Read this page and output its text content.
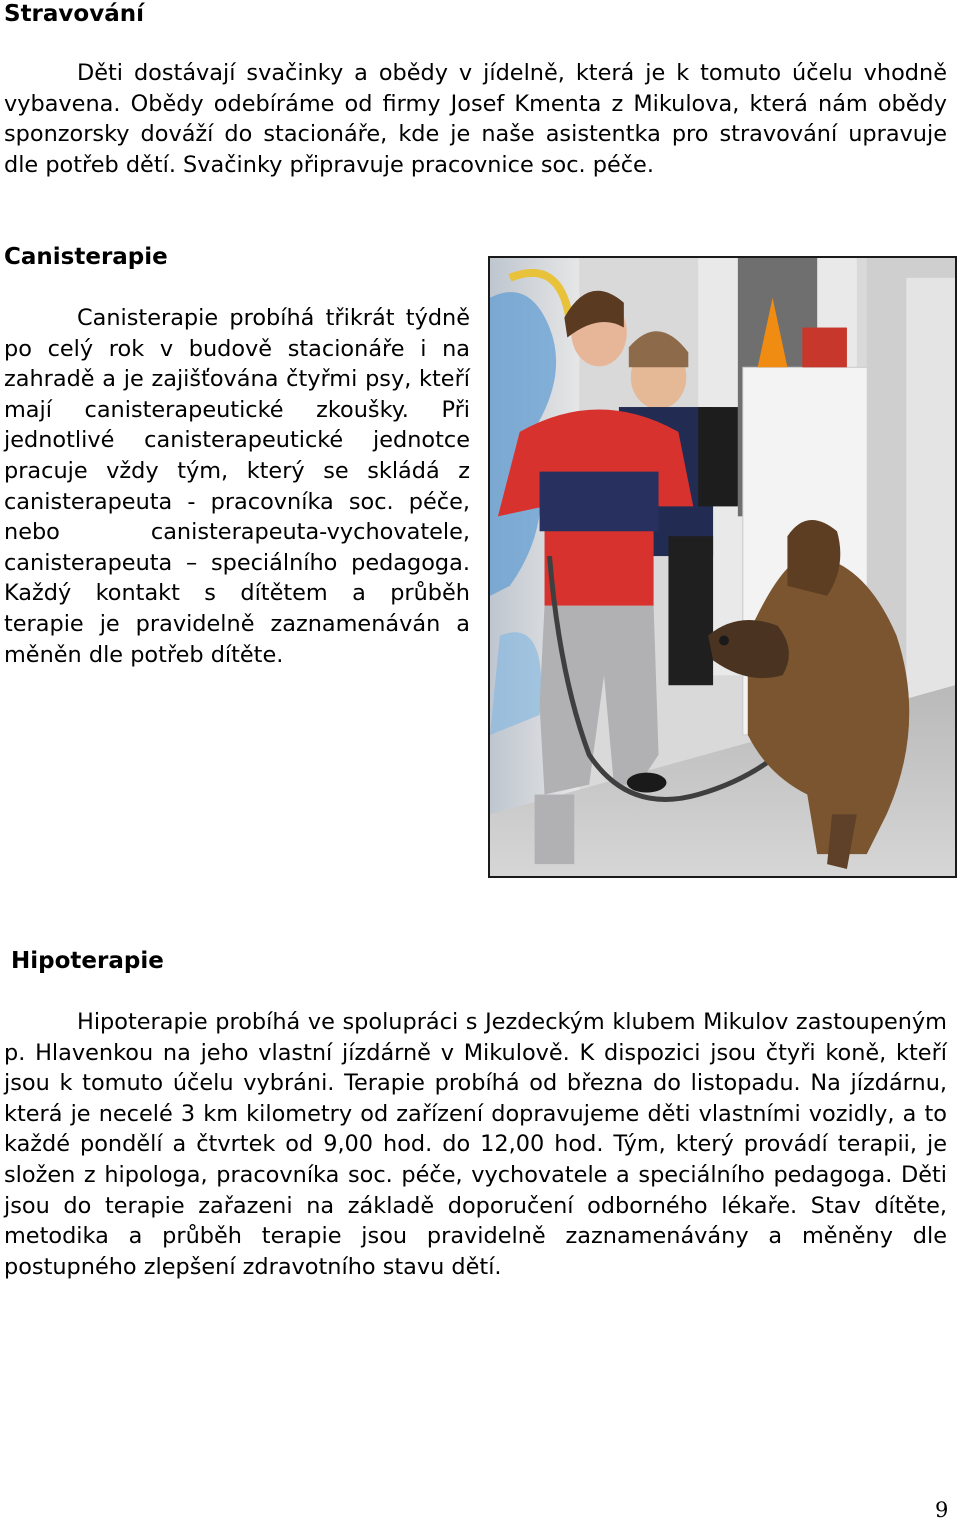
Stravování

Děti dostávají svačinky a obědy v jídelně, která je k tomuto účelu vhodně vybavena. Obědy odebíráme od firmy Josef Kmenta z Mikulova, která nám obědy sponzorsky dováží do stacionáře, kde je naše asistentka pro stravování upravuje dle potřeb dětí. Svačinky připravuje pracovnice soc. péče.

Canisterapie

Canisterapie probíhá třikrát týdně po celý rok v budově stacionáře i na zahradě a je zajišťována čtyřmi psy, kteří mají canisterapeutické zkoušky. Při jednotlivé canisterapeutické jednotce pracuje vždy tým, který se skládá z canisterapeuta - pracovníka soc. péče, nebo canisterapeuta-vychovatele, canisterapeuta – speciálního pedagoga. Každý kontakt s dítětem a průběh terapie je pravidelně zaznamenáván a měněn dle potřeb dítěte.

Hipoterapie

Hipoterapie probíhá ve spolupráci s Jezdeckým klubem Mikulov zastoupeným p. Hlavenkou na jeho vlastní jízdárně v Mikulově. K dispozici jsou čtyři koně, kteří jsou k tomuto účelu vybráni. Terapie probíhá od března do listopadu. Na jízdárnu, která je necelé 3 km kilometry od zařízení dopravujeme děti vlastními vozidly, a to každé pondělí a čtvrtek od 9,00 hod. do 12,00 hod. Tým, který provádí terapii, je složen z hipologa, pracovníka soc. péče, vychovatele a speciálního pedagoga. Děti jsou do terapie zařazeni na základě doporučení odborného lékaře. Stav dítěte, metodika a průběh terapie jsou pravidelně zaznamenávány a měněny dle postupného zlepšení zdravotního stavu dětí.

9
